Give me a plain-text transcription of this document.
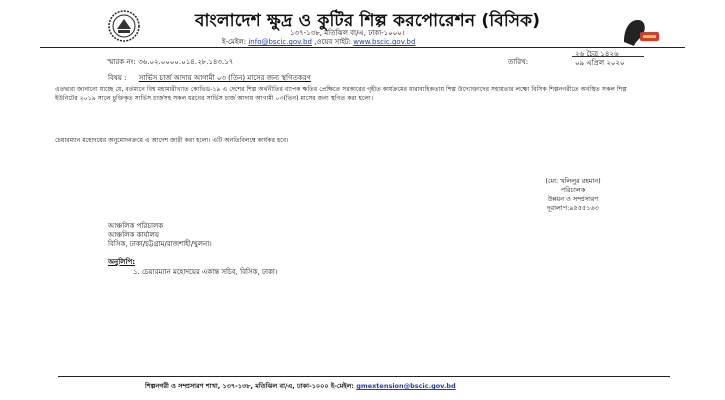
বাংলাদেশ ক্ষুদ্র ও কুটির শিল্প করপোরেশন (বিসিক)
১৩৭-১৩৮, মতিঝিল বা/এ, ঢাকা-১০০০।
ই-মেইল: info@bscic.gov.bd ,ওয়েব সাইট: www.bscic.gov.bd
স্মারক নং: ৩৬.০২.০০০০.০১৪.২৮.১৪৩.১৭	তারিখ:
২৬ চৈত্র ১৪২৬
০৯ এপ্রিল ২০২০
বিষয় : সার্ভিস চার্জ আদায় আগামী ০৩ (তিন) মাসের জন্য স্থগিতকরণ
এতদ্বারা জানানো যাচ্ছে যে, বর্তমানে বিশ্ব মহামারীখ্যাত কোভিড-১৯ এ দেশের শিল্প অর্থনীতির ব্যাপক ক্ষতির প্রেক্ষিতে সরকারের গৃহীত কার্যক্রমের ধারাবাহিকতায় শিল্প উদ্যোক্তাদের সহায়তার লক্ষ্যে বিসিক শিল্পনগরীতে অবস্থিত সকল শিল্প ইউনিটের ২০১৯ সালে চুক্তিকৃত সার্ভিস চার্জসহ সকল ধরনের সার্ভিস চার্জ আদায় আগামী ০৩(তিন) মাসের জন্য স্থগিত করা হলো।
চেয়ারম্যান মহোদয়ের অনুমোদনক্রমে এ আদেশ জারী করা হলো। এটি অনতিবিলম্বে কার্যকর হবে।
(মো: খলিলুর রহমান)
পরিচালক
উন্নয়ন ও সম্প্রসারণ
দূরালাপ:৯৫৫৫১৬৩
আঞ্চলিক পরিচালক
আঞ্চলিক কার্যালয়
বিসিক, ঢাকা/চট্টগ্রাম/রাজশাহী/খুলনা।
অনুলিপি:
১. চেয়ারম্যান মহোদয়ের একান্ত সচিব, বিসিক, ঢাকা।
শিল্পনগরী ও সম্প্রসারণ শাখা, ১৩৭-১৩৮, মতিঝিল বা/এ, ঢাকা-১০০০ ই-মেইল: gmextension@bscic.gov.bd
